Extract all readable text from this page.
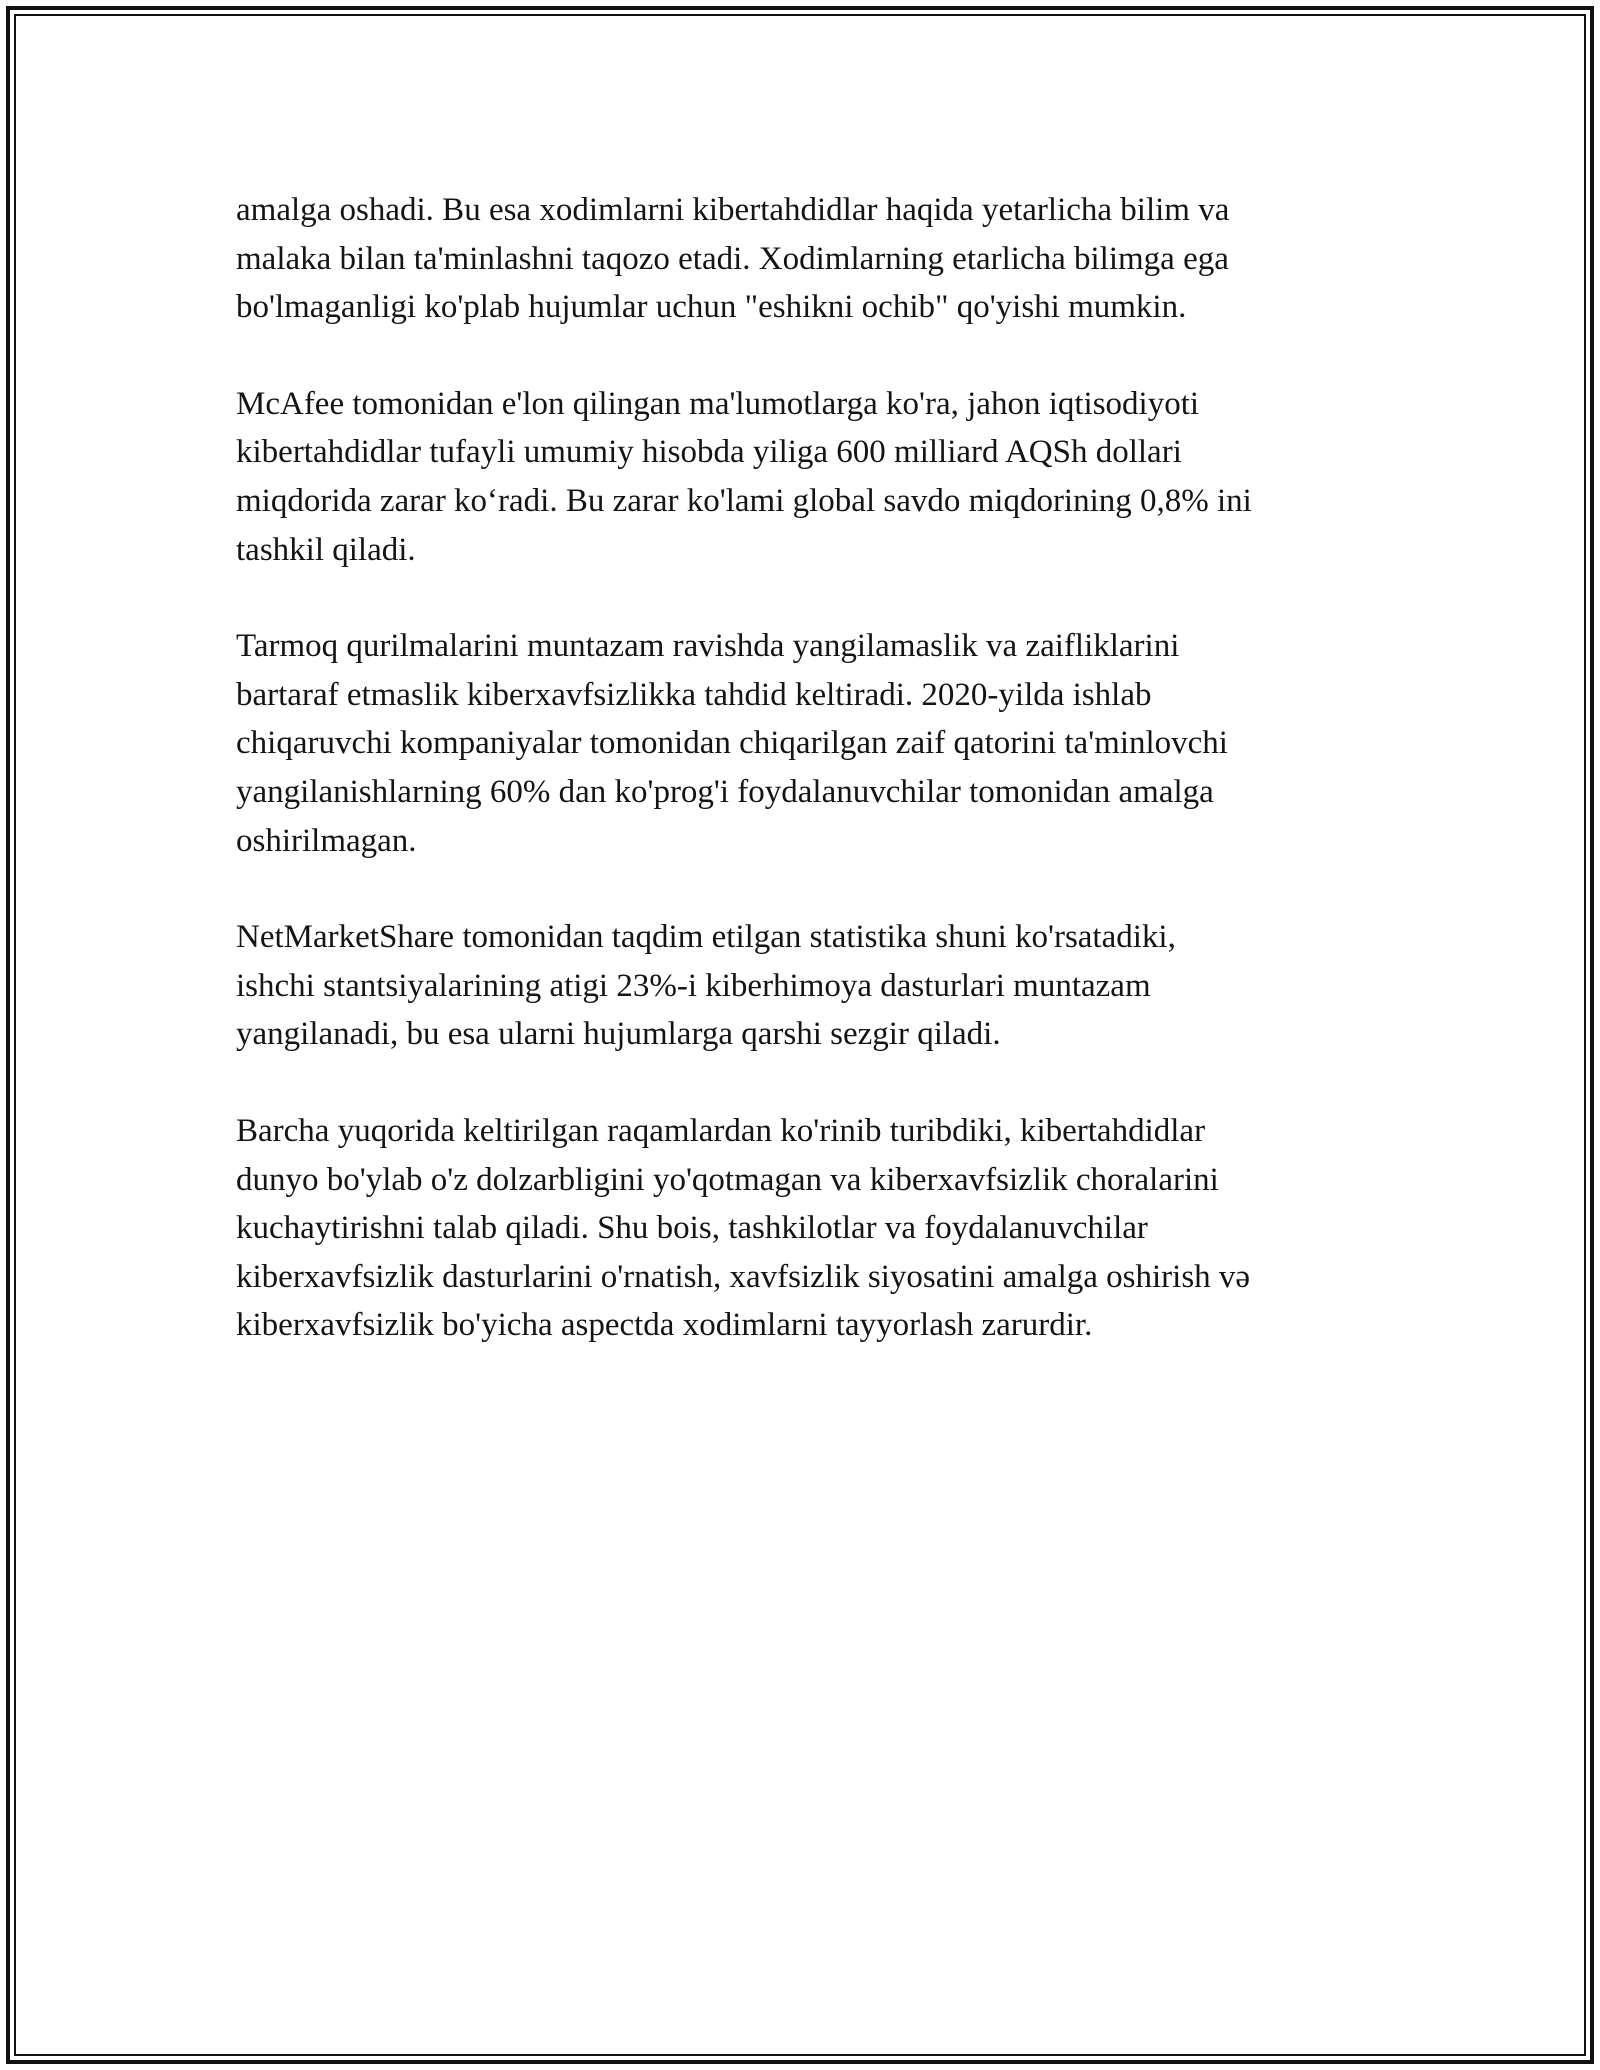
amalga oshadi. Bu esa xodimlarni kibertahdidlar haqida yetarlicha bilim va
malaka bilan ta'minlashni taqozo etadi. Xodimlarning etarlicha bilimga ega
bo'lmaganligi ko'plab hujumlar uchun "eshikni ochib" qo'yishi mumkin.

McAfee tomonidan e'lon qilingan ma'lumotlarga ko'ra, jahon iqtisodiyoti
kibertahdidlar tufayli umumiy hisobda yiliga 600 milliard AQSh dollari
miqdorida zarar ko‘radi. Bu zarar ko'lami global savdo miqdorining 0,8% ini
tashkil qiladi.

Tarmoq qurilmalarini muntazam ravishda yangilamaslik va zaifliklarini
bartaraf etmaslik kiberxavfsizlikka tahdid keltiradi. 2020-yilda ishlab
chiqaruvchi kompaniyalar tomonidan chiqarilgan zaif qatorini ta'minlovchi
yangilanishlarning 60% dan ko'prog'i foydalanuvchilar tomonidan amalga
oshirilmagan.

NetMarketShare tomonidan taqdim etilgan statistika shuni ko'rsatadiki,
ishchi stantsiyalarining atigi 23%-i kiberhimoya dasturlari muntazam
yangilanadi, bu esa ularni hujumlarga qarshi sezgir qiladi.

Barcha yuqorida keltirilgan raqamlardan ko'rinib turibdiki, kibertahdidlar
dunyo bo'ylab o'z dolzarbligini yo'qotmagan va kiberxavfsizlik choralarini
kuchaytirishni talab qiladi. Shu bois, tashkilotlar va foydalanuvchilar
kiberxavfsizlik dasturlarini o'rnatish, xavfsizlik siyosatini amalga oshirish və
kiberxavfsizlik bo'yicha aspectda xodimlarni tayyorlash zarurdir.
